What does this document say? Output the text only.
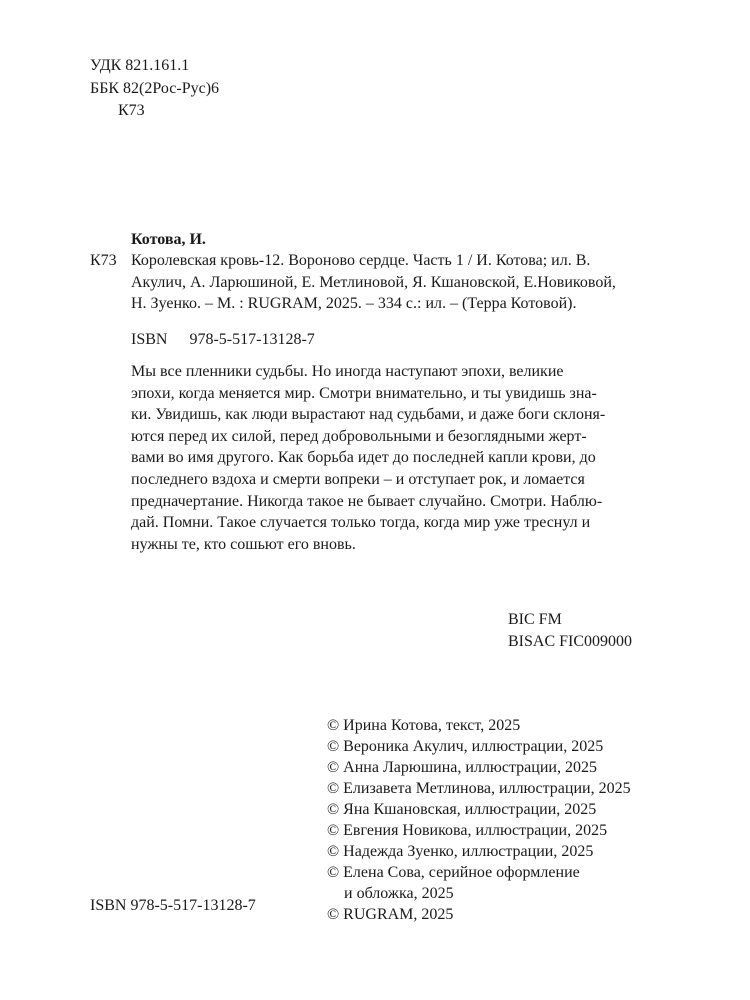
УДК 821.161.1

ББК 82(2Рос-Рус)6

К73

Котова, И.

К73 Королевская кровь-12. Вороново сердце. Часть 1 / И. Котова; ил. В.
Акулич, А. Ларюшиной, Е. Метлиновой, Я. Кшановской, Е.Новиковой,
Н. Зуенко. – М. : RUGRAM, 2025. – 334 с.: ил. – (Терра Котовой).

ISBN 978-5-517-13128-7

Мы все пленники судьбы. Но иногда наступают эпохи, великие
эпохи, когда меняется мир. Смотри внимательно, и ты увидишь зна-
ки. Увидишь, как люди вырастают над судьбами, и даже боги склоня-
ются перед их силой, перед добровольными и безоглядными жерт-
вами во имя другого. Как борьба идет до последней капли крови, до
последнего вздоха и смерти вопреки – и отступает рок, и ломается
предначертание. Никогда такое не бывает случайно. Смотри. Наблю-
дай. Помни. Такое случается только тогда, когда мир уже треснул и
нужны те, кто сошьют его вновь.

BIC FM

BISAC FIC009000

© Ирина Котова, текст, 2025
© Вероника Акулич, иллюстрации, 2025
© Анна Ларюшина, иллюстрации, 2025
© Елизавета Метлинова, иллюстрации, 2025
© Яна Кшановская, иллюстрации, 2025
© Евгения Новикова, иллюстрации, 2025
© Надежда Зуенко, иллюстрации, 2025
© Елена Сова, серийное оформление
и обложка, 2025
© RUGRAM, 2025

ISBN 978-5-517-13128-7
